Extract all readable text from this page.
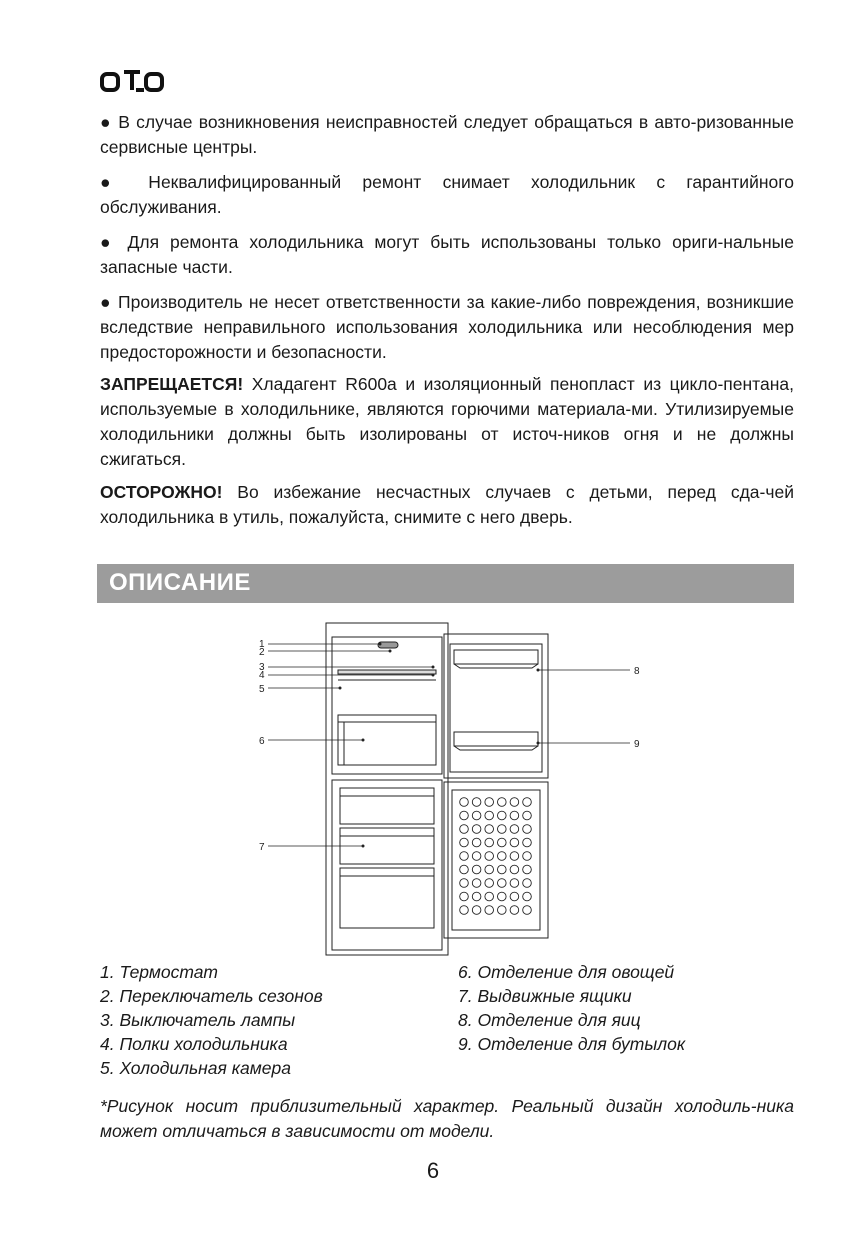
● В случае возникновения неисправностей следует обращаться в авто-ризованные сервисные центры.

● Неквалифицированный ремонт снимает холодильник с гарантийного обслуживания.

● Для ремонта холодильника могут быть использованы только ориги-нальные запасные части.

● Производитель не несет ответственности за какие-либо повреждения, возникшие вследствие неправильного использования холодильника или несоблюдения мер предосторожности и безопасности.

ЗАПРЕЩАЕТСЯ! Хладагент R600a и изоляционный пенопласт из цикло-пентана, используемые в холодильнике, являются горючими материала-ми. Утилизируемые холодильники должны быть изолированы от источ-ников огня и не должны сжигаться.

ОСТОРОЖНО! Во избежание несчастных случаев с детьми, перед сда-чей холодильника в утиль, пожалуйста, снимите с него дверь.

ОПИСАНИЕ
1
2
3
4
5
6
7
8
9
1. Термостат
2. Переключатель сезонов
3. Выключатель лампы
4. Полки холодильника
5. Холодильная камера
6. Отделение для овощей
7. Выдвижные ящики
8. Отделение для яиц
9. Отделение для бутылок

*Рисунок носит приблизительный характер. Реальный дизайн холодиль-ника может отличаться в зависимости от модели.

6
